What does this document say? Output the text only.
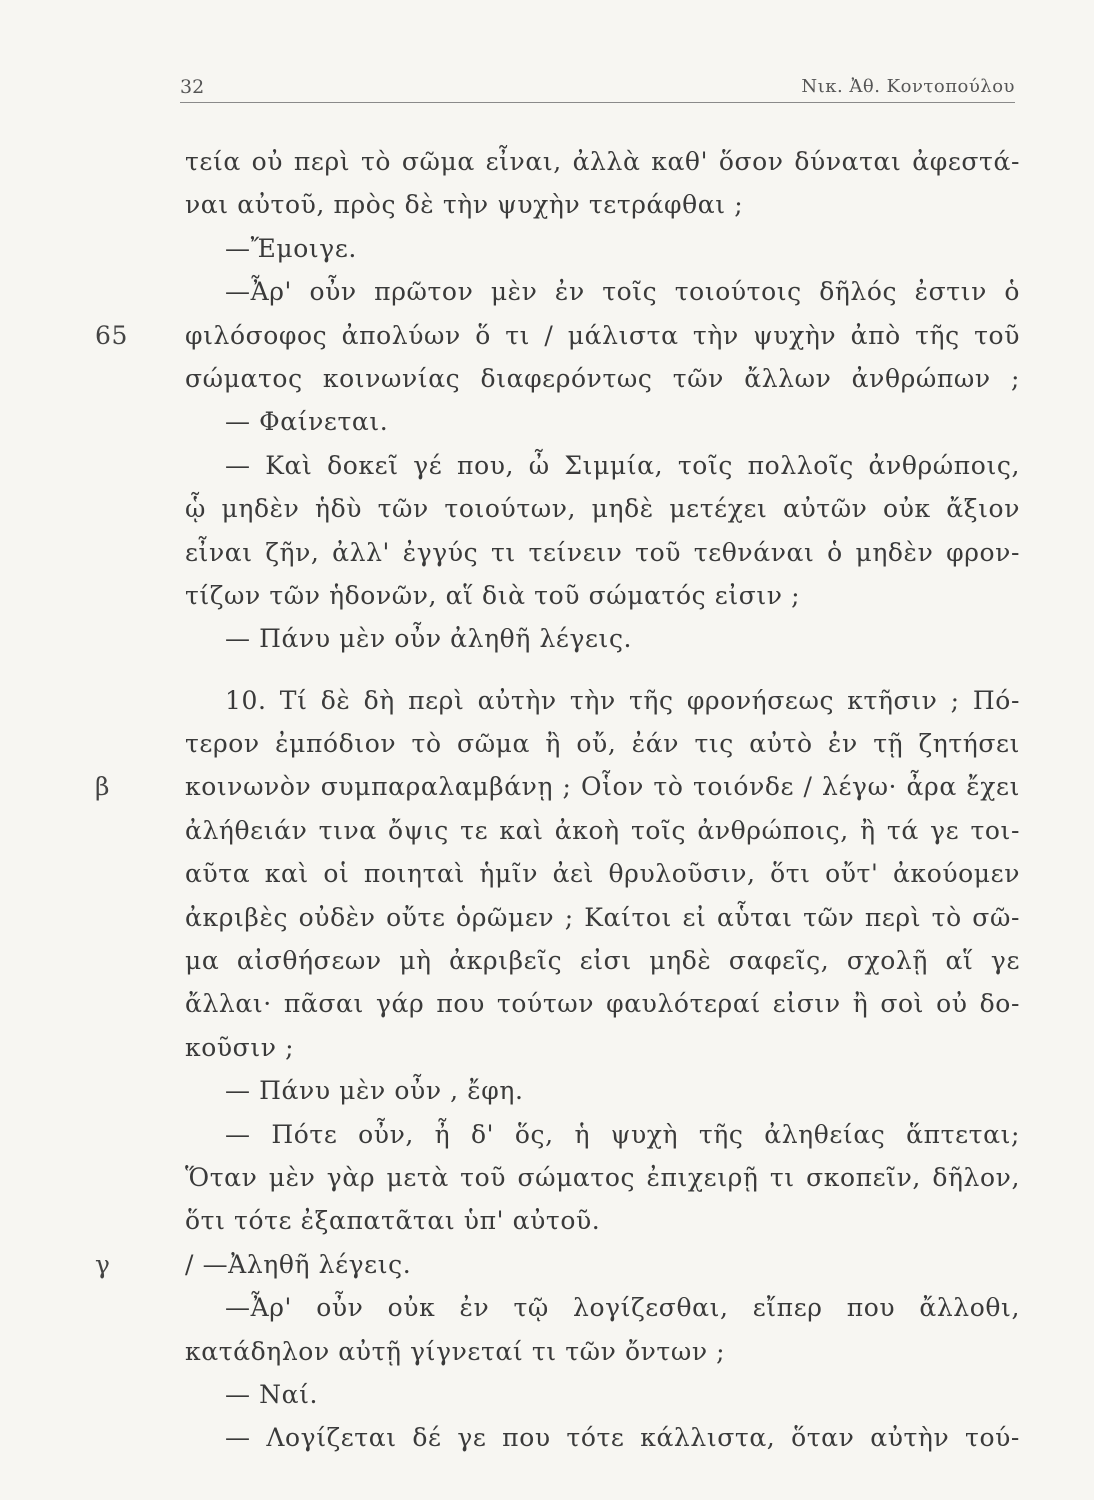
32	Νικ. Ἀθ. Κοντοπούλου
τεία οὐ περὶ τὸ σῶμα εἶναι, ἀλλὰ καθ' ὅσον δύναται ἀφεστά-
ναι αὐτοῦ, πρὸς δὲ τὴν ψυχὴν τετράφθαι ;
—Ἔμοιγε.
—Ἆρ' οὖν πρῶτον μὲν ἐν τοῖς τοιούτοις δῆλός ἐστιν ὁ
φιλόσοφος ἀπολύων ὅ τι / μάλιστα τὴν ψυχὴν ἀπὸ τῆς τοῦ
65
σώματος κοινωνίας διαφερόντως τῶν ἄλλων ἀνθρώπων ;
— Φαίνεται.
— Καὶ δοκεῖ γέ που, ὦ Σιμμία, τοῖς πολλοῖς ἀνθρώποις,
ᾧ μηδὲν ἡδὺ τῶν τοιούτων, μηδὲ μετέχει αὐτῶν οὐκ ἄξιον
εἶναι ζῆν, ἀλλ' ἐγγύς τι τείνειν τοῦ τεθνάναι ὁ μηδὲν φρον-
τίζων τῶν ἡδονῶν, αἵ διὰ τοῦ σώματός εἰσιν ;
— Πάνυ μὲν οὖν ἀληθῆ λέγεις.
10. Τί δὲ δὴ περὶ αὐτὴν τὴν τῆς φρονήσεως κτῆσιν ; Πό-
τερον ἐμπόδιον τὸ σῶμα ἢ οὔ, ἐάν τις αὐτὸ ἐν τῇ ζητήσει
κοινωνὸν συμπαραλαμβάνῃ ; Οἷον τὸ τοιόνδε / λέγω· ἆρα ἔχει
β
ἀλήθειάν τινα ὄψις τε καὶ ἀκοὴ τοῖς ἀνθρώποις, ἢ τά γε τοι-
αῦτα καὶ οἱ ποιηταὶ ἡμῖν ἀεὶ θρυλοῦσιν, ὅτι οὔτ' ἀκούομεν
ἀκριβὲς οὐδὲν οὔτε ὁρῶμεν ; Καίτοι εἰ αὗται τῶν περὶ τὸ σῶ-
μα αἰσθήσεων μὴ ἀκριβεῖς εἰσι μηδὲ σαφεῖς, σχολῇ αἵ γε
ἄλλαι· πᾶσαι γάρ που τούτων φαυλότεραί εἰσιν ἢ σοὶ οὐ δο-
κοῦσιν ;
— Πάνυ μὲν οὖν , ἔφη.
— Πότε οὖν, ἦ δ' ὅς, ἡ ψυχὴ τῆς ἀληθείας ἅπτεται;
Ὅταν μὲν γὰρ μετὰ τοῦ σώματος ἐπιχειρῇ τι σκοπεῖν, δῆλον,
ὅτι τότε ἐξαπατᾶται ὑπ' αὐτοῦ.
/ —Ἀληθῆ λέγεις.
γ
—Ἆρ' οὖν οὐκ ἐν τῷ λογίζεσθαι, εἴπερ που ἄλλοθι,
κατάδηλον αὐτῇ γίγνεταί τι τῶν ὄντων ;
— Ναί.
— Λογίζεται δέ γε που τότε κάλλιστα, ὅταν αὐτὴν τού-
